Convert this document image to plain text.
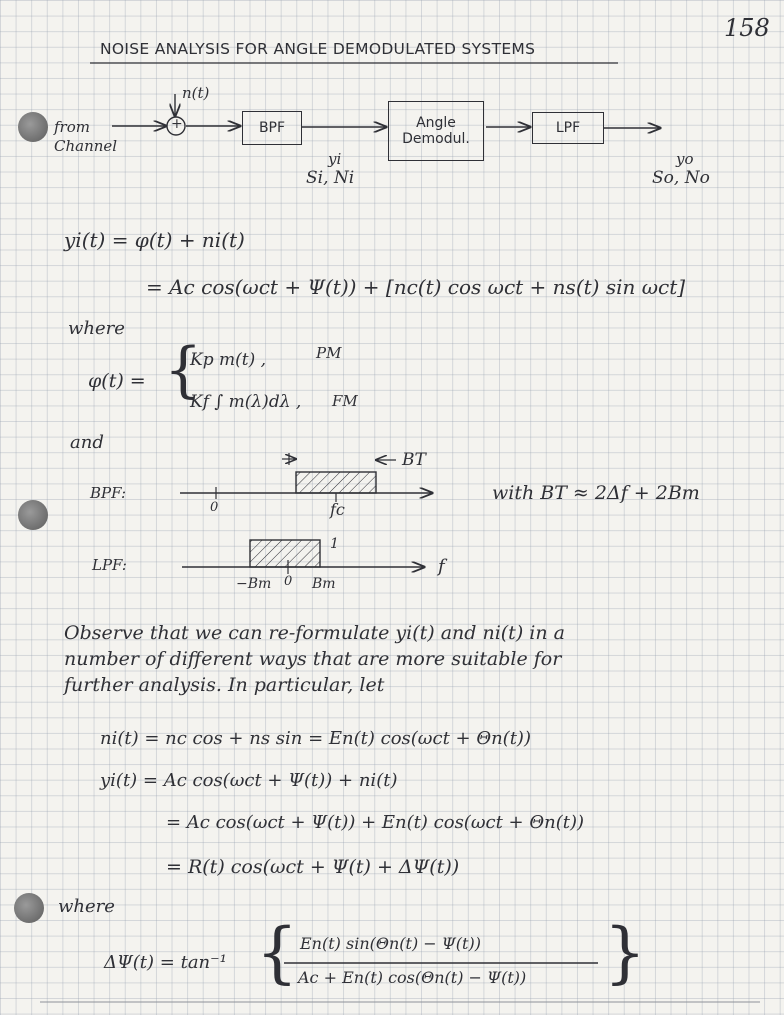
158
NOISE ANALYSIS FOR ANGLE DEMODULATED SYSTEMS
from Channel
n(t)
+	BPF	Angle Demodul.
LPF
yi
Si, Ni
yo
So, No
yi(t) = φ(t) + ni(t)
= Ac cos(ωct + Ψ(t)) + [nc(t) cos ωct + ns(t) sin ωct]
where
φ(t) = {
Kp m(t) ,	PM
Kf ∫ m(λ)dλ , FM
and
BPF:
0	fc
BT
with BT ≈ 2Δf + 2Bm
LPF:
−Bm 0 Bm
1
f
Observe that we can re-formulate yi(t) and ni(t) in a
number of different ways that are more suitable for
further analysis. In particular, let
ni(t) = nc cos + ns sin = En(t) cos(ωct + Θn(t))
yi(t) = Ac cos(ωct + Ψ(t)) + ni(t)
= Ac cos(ωct + Ψ(t)) + En(t) cos(ωct + Θn(t))
= R(t) cos(ωct + Ψ(t) + ΔΨ(t))
where
ΔΨ(t) = tan⁻¹ { En(t) sin(Θn(t) − Ψ(t))
Ac + En(t) cos(Θn(t) − Ψ(t)) }
